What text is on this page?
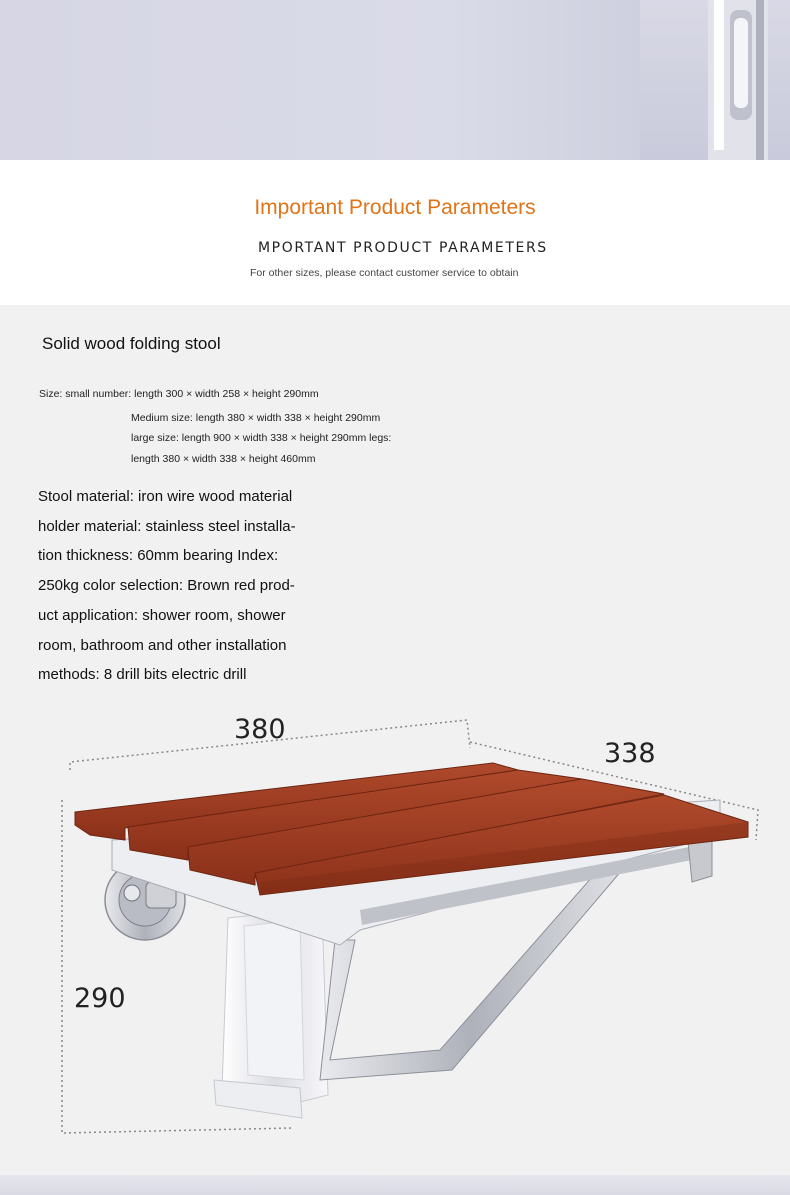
Important Product Parameters
MPORTANT PRODUCT PARAMETERS
For other sizes, please contact customer service to obtain
Solid wood folding stool
Size: small number: length 300 × width 258 × height 290mm
Medium size: length 380 × width 338 × height 290mm
large size: length 900 × width 338 × height 290mm legs:
length 380 × width 338 × height 460mm
Stool material: iron wire wood material
holder material: stainless steel installa-
tion thickness: 60mm bearing Index:
250kg color selection: Brown red prod-
uct application: shower room, shower
room, bathroom and other installation
methods: 8 drill bits electric drill
380
338
290
